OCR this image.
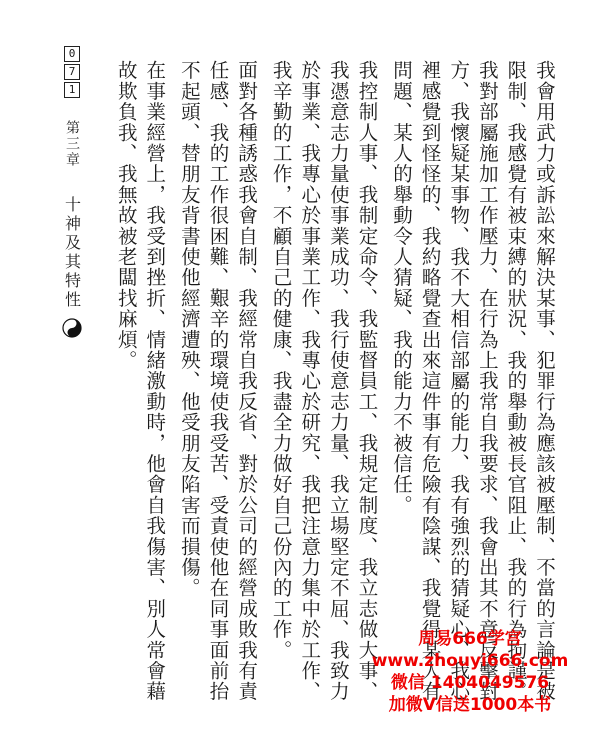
0
7
1
第三章
十神及其特性	我會用武力或訴訟來解決某事、犯罪行為應該被壓制、不當的言論是被限制、我感覺有被束縛的狀況、我的舉動被長官阻止、我的行為拘謹。

我對部屬施加工作壓力、在行為上我常自我要求、我會出其不意反擊對方、我懷疑某事物、我不大相信部屬的能力、我有強烈的猜疑心、我心裡感覺到怪怪的、我約略覺查出來這件事有危險有陰謀、我覺得某人有問題、某人的舉動令人猜疑、我的能力不被信任。

我控制人事、我制定命令、我監督員工、我規定制度、我立志做大事、我憑意志力量使事業成功、我行使意志力量、我立場堅定不屈、我致力於事業、我專心於事業工作、我專心於研究、我把注意力集中於工作、我辛勤的工作，不顧自己的健康、我盡全力做好自己份內的工作。

面對各種誘惑我會自制、我經常自我反省、對於公司的經營成敗我有責任感、我的工作很困難、艱辛的環境使我受苦、受責使他在同事面前抬不起頭、替朋友背書使他經濟遭殃、他受朋友陷害而損傷。

在事業經營上，我受到挫折、情緒激動時，他會自我傷害、別人常會藉故欺負我、我無故被老闆找麻煩。

周易666学宫
www.zhouyi666.com
微信 1404049576
加微V信送1000本书
